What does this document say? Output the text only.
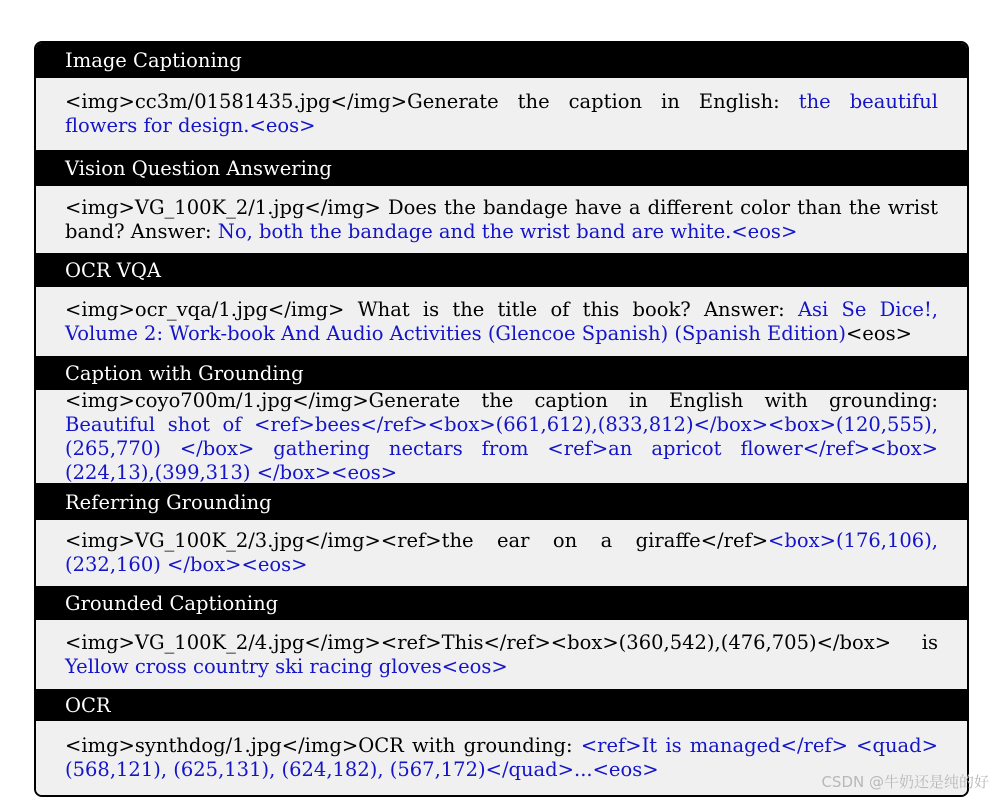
Image Captioning

<img>cc3m/01581435.jpg</img>Generate the caption in English: the beautiful flowers for design.<eos>

Vision Question Answering

<img>VG_100K_2/1.jpg</img> Does the bandage have a different color than the wrist band? Answer: No, both the bandage and the wrist band are white.<eos>

OCR VQA

<img>ocr_vqa/1.jpg</img> What is the title of this book? Answer: Asi Se Dice!, Volume 2: Work-book And Audio Activities (Glencoe Spanish) (Spanish Edition)<eos>

Caption with Grounding

<img>coyo700m/1.jpg</img>Generate the caption in English with grounding: Beautiful shot of <ref>bees</ref><box>(661,612),(833,812)</box><box>(120,555),(265,770) </box> gathering nectars from <ref>an apricot flower</ref><box>(224,13),(399,313) </box><eos>

Referring Grounding

<img>VG_100K_2/3.jpg</img><ref>the ear on a giraffe</ref><box>(176,106),(232,160) </box><eos>

Grounded Captioning

<img>VG_100K_2/4.jpg</img><ref>This</ref><box>(360,542),(476,705)</box> is Yellow cross country ski racing gloves<eos>

OCR

<img>synthdog/1.jpg</img>OCR with grounding: <ref>It is managed</ref> <quad> (568,121), (625,131), (624,182), (567,172)</quad>...<eos>

CSDN @牛奶还是纯的好
